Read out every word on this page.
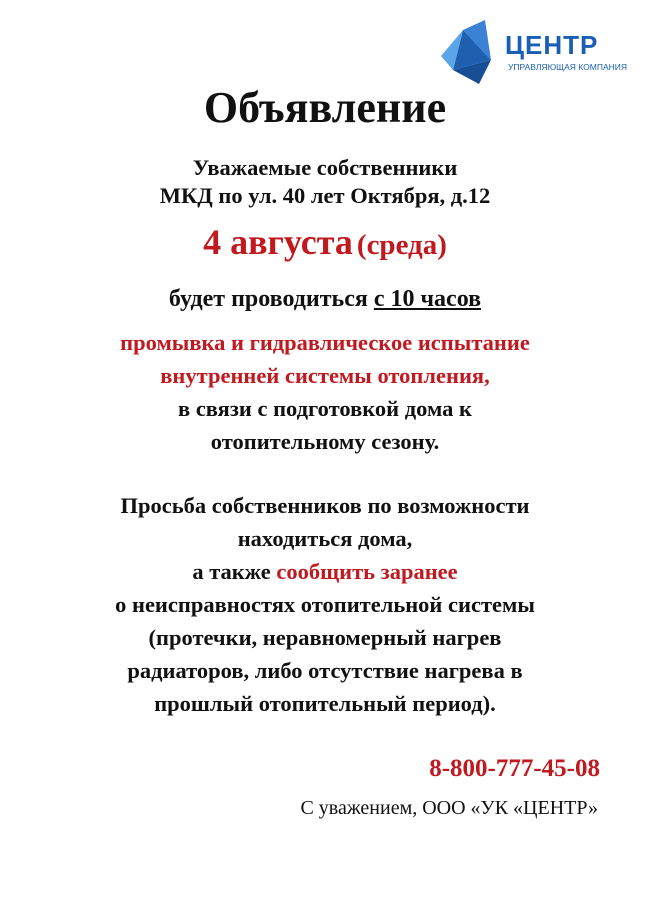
ЦЕНТР
УПРАВЛЯЮЩАЯ КОМПАНИЯ
Объявление
Уважаемые собственники
МКД по ул. 40 лет Октября, д.12
4 августа (среда)
будет проводиться с 10 часов
промывка и гидравлическое испытание
внутренней системы отопления,
в связи с подготовкой дома к
отопительному сезону.
Просьба собственников по возможности
находиться дома,
а также сообщить заранее
о неисправностях отопительной системы
(протечки, неравномерный нагрев
радиаторов, либо отсутствие нагрева в
прошлый отопительный период).
8-800-777-45-08
С уважением, ООО «УК «ЦЕНТР»
